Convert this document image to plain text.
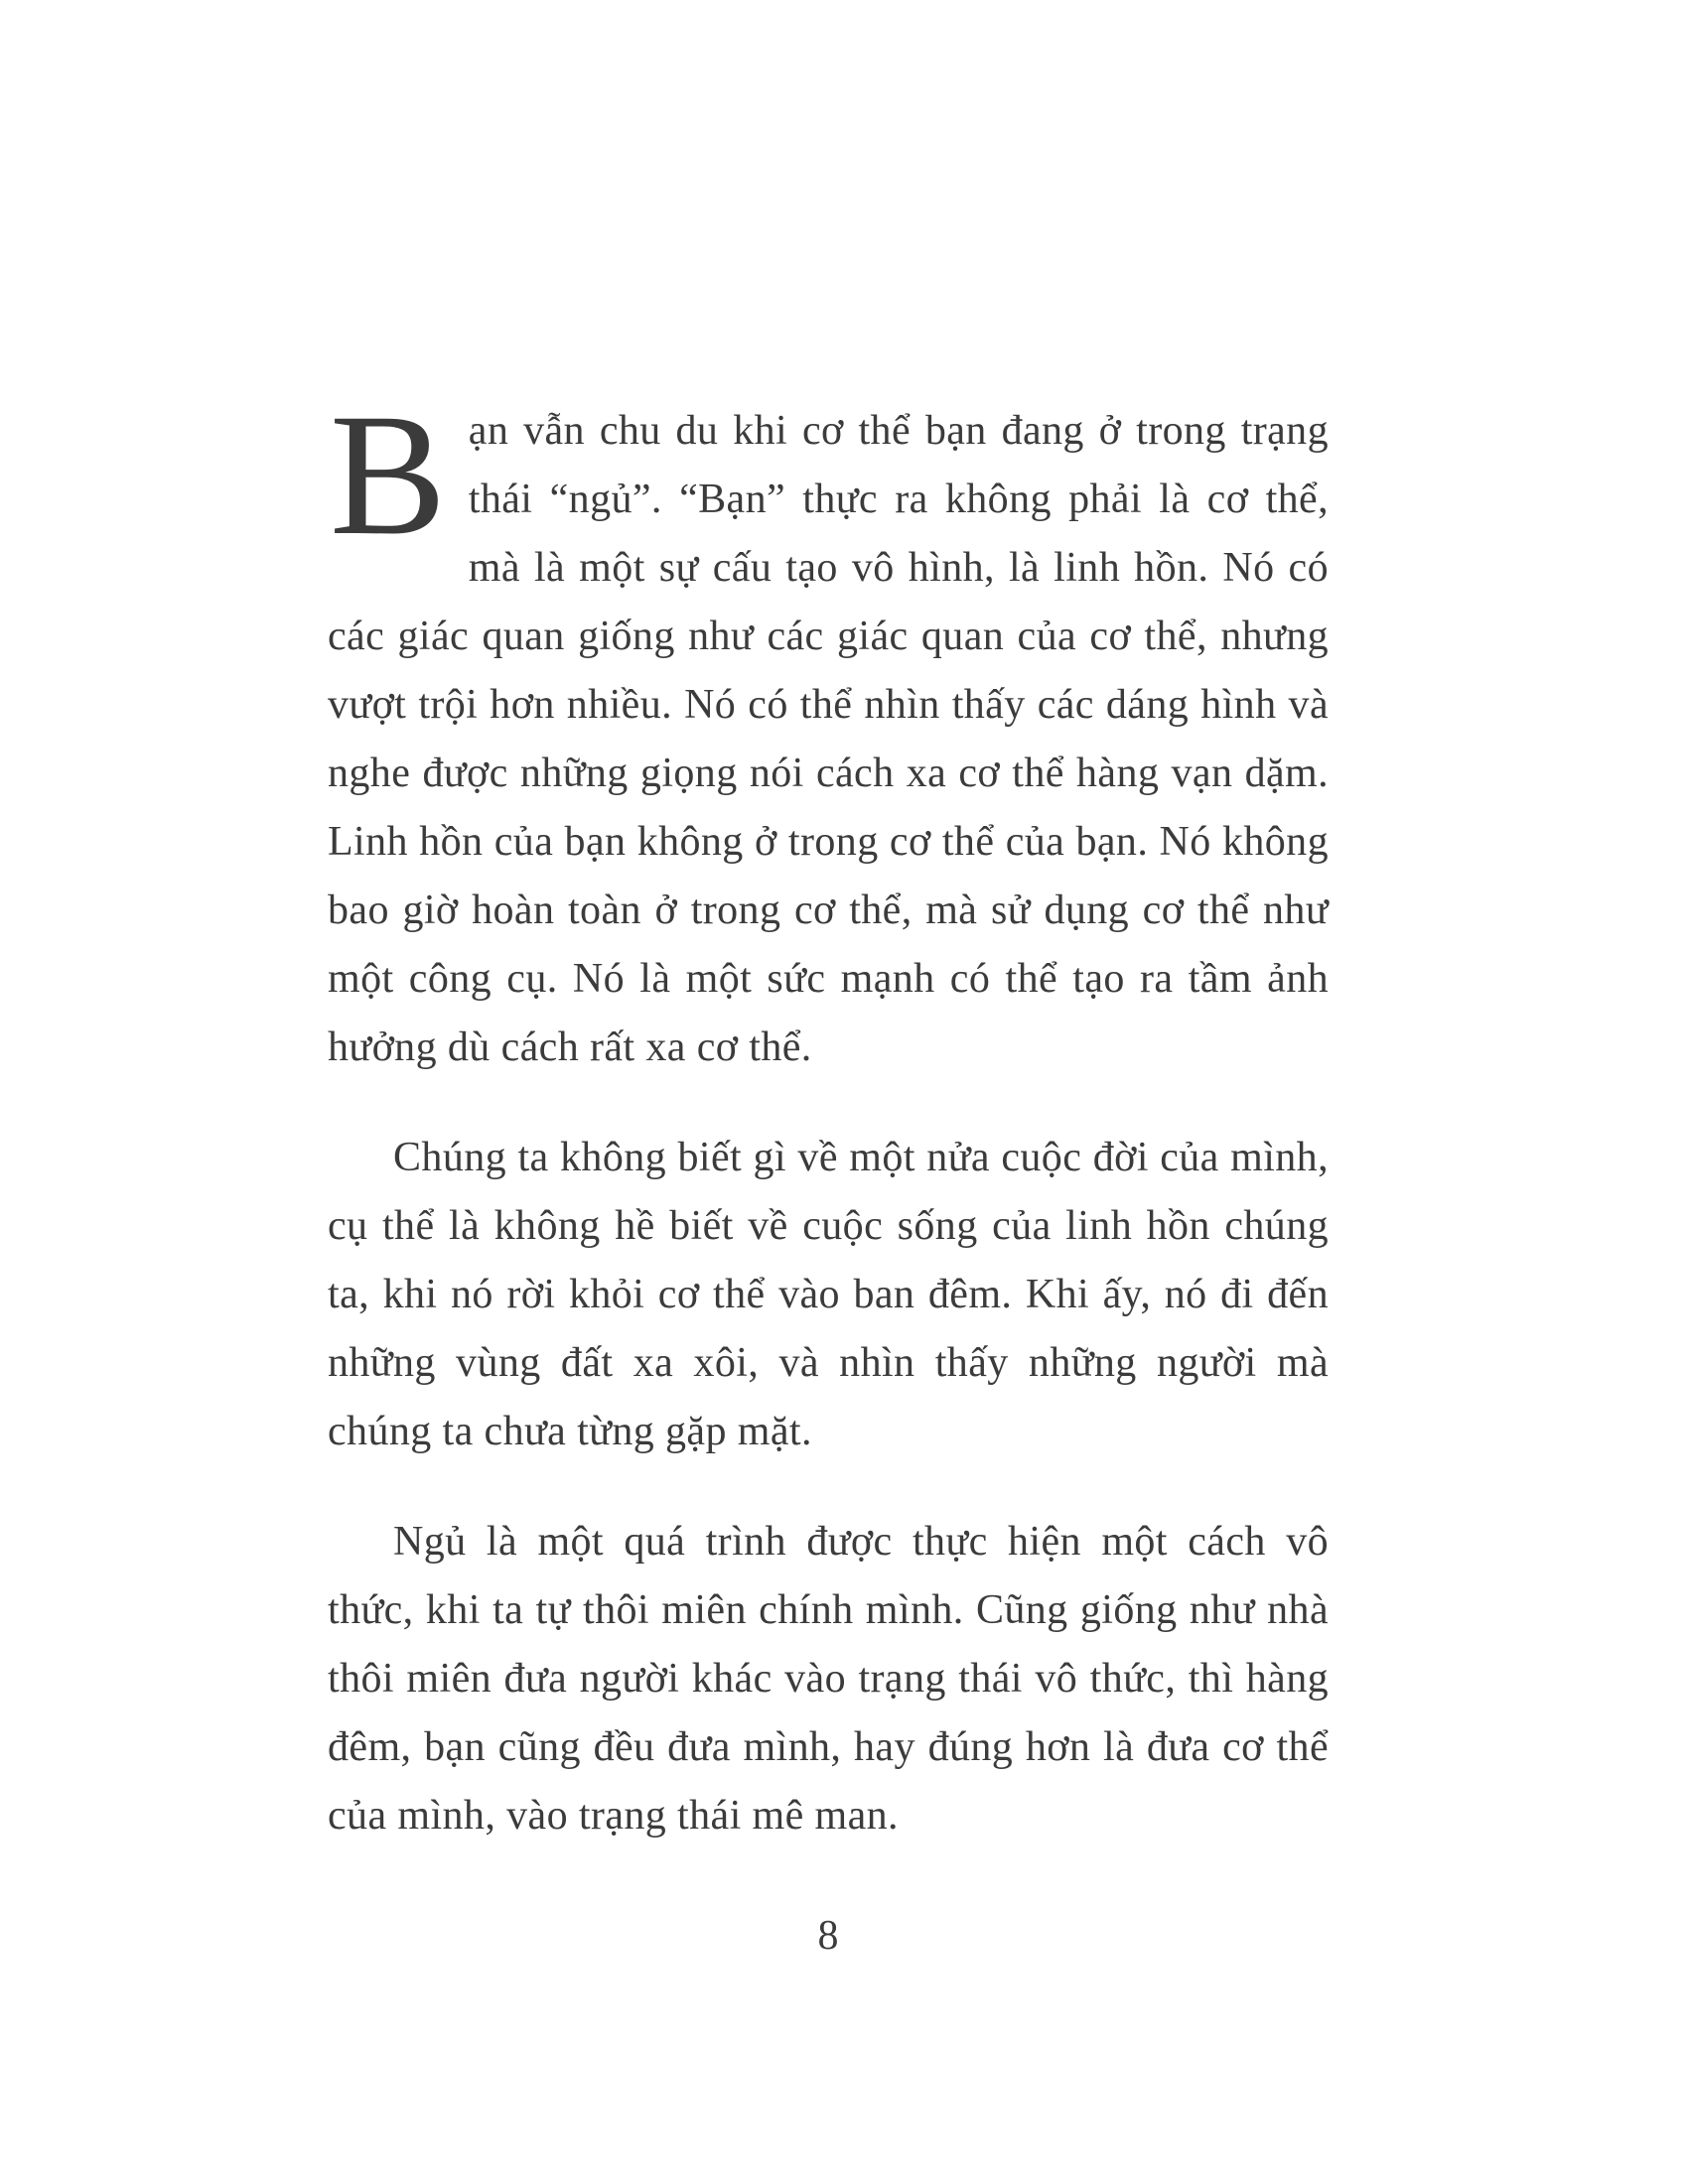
Bạn vẫn chu du khi cơ thể bạn đang ở trong trạng thái “ngủ”. “Bạn” thực ra không phải là cơ thể, mà là một sự cấu tạo vô hình, là linh hồn. Nó có các giác quan giống như các giác quan của cơ thể, nhưng vượt trội hơn nhiều. Nó có thể nhìn thấy các dáng hình và nghe được những giọng nói cách xa cơ thể hàng vạn dặm. Linh hồn của bạn không ở trong cơ thể của bạn. Nó không bao giờ hoàn toàn ở trong cơ thể, mà sử dụng cơ thể như một công cụ. Nó là một sức mạnh có thể tạo ra tầm ảnh hưởng dù cách rất xa cơ thể.

Chúng ta không biết gì về một nửa cuộc đời của mình, cụ thể là không hề biết về cuộc sống của linh hồn chúng ta, khi nó rời khỏi cơ thể vào ban đêm. Khi ấy, nó đi đến những vùng đất xa xôi, và nhìn thấy những người mà chúng ta chưa từng gặp mặt.

Ngủ là một quá trình được thực hiện một cách vô thức, khi ta tự thôi miên chính mình. Cũng giống như nhà thôi miên đưa người khác vào trạng thái vô thức, thì hàng đêm, bạn cũng đều đưa mình, hay đúng hơn là đưa cơ thể của mình, vào trạng thái mê man.

8
